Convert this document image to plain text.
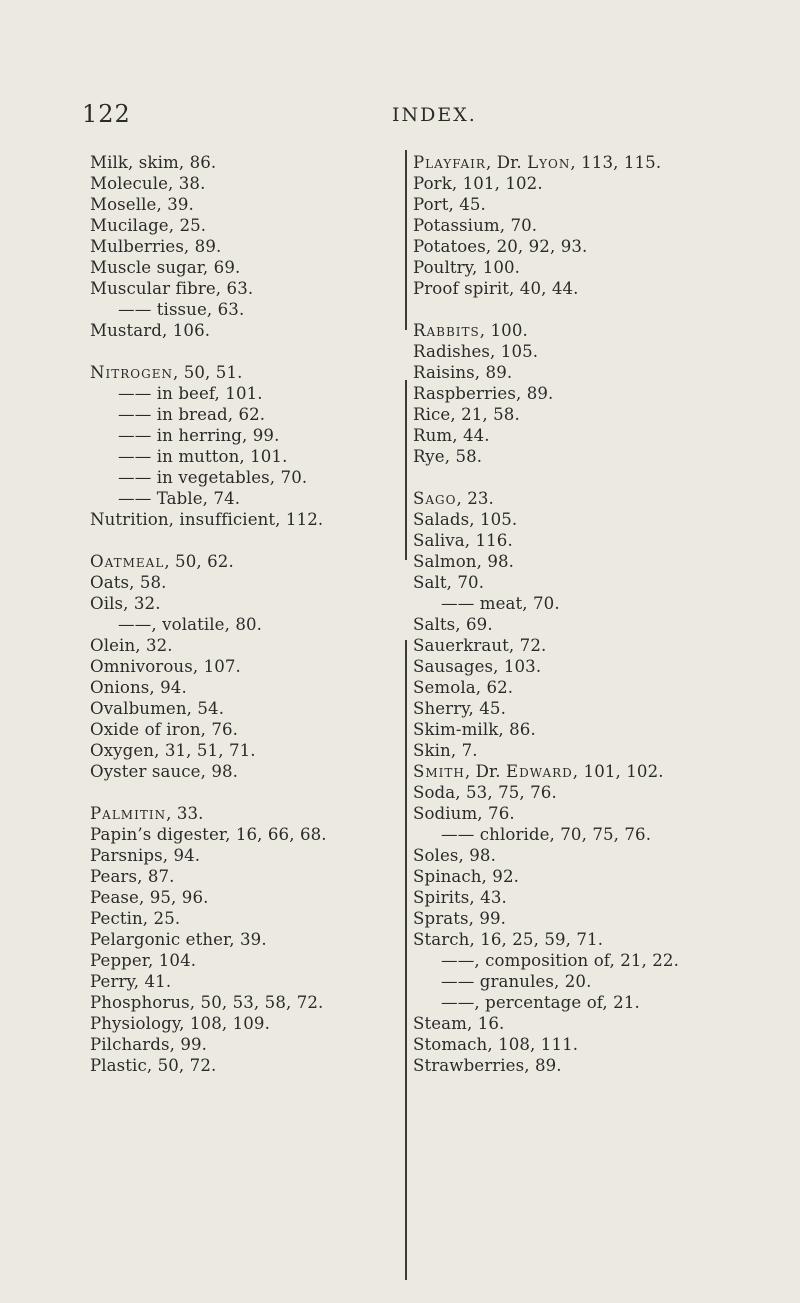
122	INDEX.
Milk, skim, 86.
Molecule, 38.
Moselle, 39.
Mucilage, 25.
Mulberries, 89.
Muscle sugar, 69.
Muscular fibre, 63.
—— tissue, 63.
Mustard, 106.
Nitrogen, 50, 51.
—— in beef, 101.
—— in bread, 62.
—— in herring, 99.
—— in mutton, 101.
—— in vegetables, 70.
—— Table, 74.
Nutrition, insufficient, 112.
Oatmeal, 50, 62.
Oats, 58.
Oils, 32.
——, volatile, 80.
Olein, 32.
Omnivorous, 107.
Onions, 94.
Ovalbumen, 54.
Oxide of iron, 76.
Oxygen, 31, 51, 71.
Oyster sauce, 98.
Palmitin, 33.
Papin’s digester, 16, 66, 68.
Parsnips, 94.
Pears, 87.
Pease, 95, 96.
Pectin, 25.
Pelargonic ether, 39.
Pepper, 104.
Perry, 41.
Phosphorus, 50, 53, 58, 72.
Physiology, 108, 109.
Pilchards, 99.
Plastic, 50, 72.
Playfair, Dr. Lyon, 113, 115.
Pork, 101, 102.
Port, 45.
Potassium, 70.
Potatoes, 20, 92, 93.
Poultry, 100.
Proof spirit, 40, 44.
Rabbits, 100.
Radishes, 105.
Raisins, 89.
Raspberries, 89.
Rice, 21, 58.
Rum, 44.
Rye, 58.
Sago, 23.
Salads, 105.
Saliva, 116.
Salmon, 98.
Salt, 70.
—— meat, 70.
Salts, 69.
Sauerkraut, 72.
Sausages, 103.
Semola, 62.
Sherry, 45.
Skim-milk, 86.
Skin, 7.
Smith, Dr. Edward, 101, 102.
Soda, 53, 75, 76.
Sodium, 76.
—— chloride, 70, 75, 76.
Soles, 98.
Spinach, 92.
Spirits, 43.
Sprats, 99.
Starch, 16, 25, 59, 71.
——, composition of, 21, 22.
—— granules, 20.
——, percentage of, 21.
Steam, 16.
Stomach, 108, 111.
Strawberries, 89.
